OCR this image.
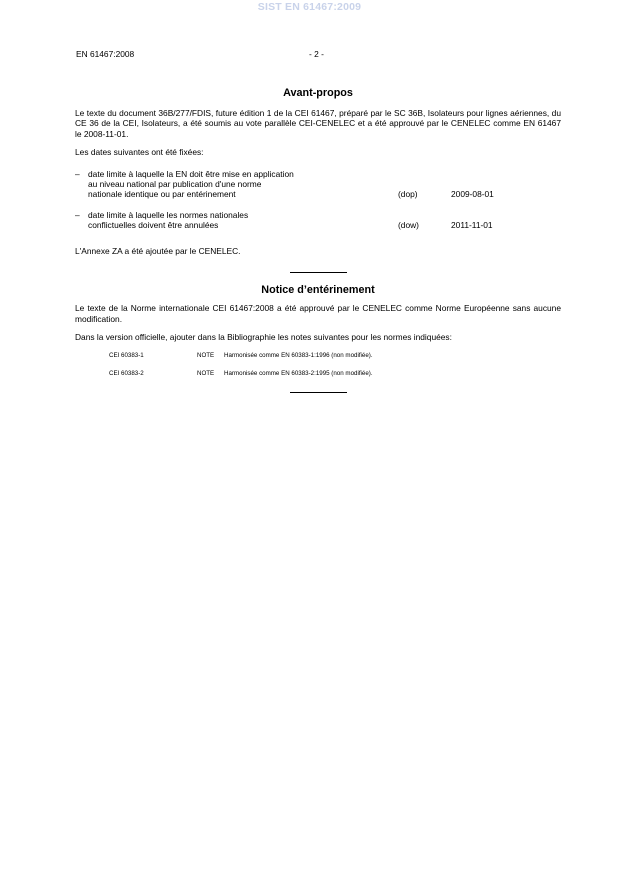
SIST EN 61467:2009
EN 61467:2008	- 2 -
Avant-propos

Le texte du document 36B/277/FDIS, future édition 1 de la CEI 61467, préparé par le SC 36B, Isolateurs pour lignes aériennes, du CE 36 de la CEI, Isolateurs, a été soumis au vote parallèle CEI-CENELEC et a été approuvé par le CENELEC comme EN 61467 le 2008-11-01.

Les dates suivantes ont été fixées:

– date limite à laquelle la EN doit être mise en application
au niveau national par publication d'une norme
nationale identique ou par entérinement	(dop)	2009-08-01
– date limite à laquelle les normes nationales
conflictuelles doivent être annulées	(dow)	2011-11-01

L'Annexe ZA a été ajoutée par le CENELEC.

Notice d’entérinement

Le texte de la Norme internationale CEI 61467:2008 a été approuvé par le CENELEC comme Norme Européenne sans aucune modification.

Dans la version officielle, ajouter dans la Bibliographie les notes suivantes pour les normes indiquées:

CEI 60383-1	NOTE	Harmonisée comme EN 60383-1:1996 (non modifiée).
CEI 60383-2	NOTE	Harmonisée comme EN 60383-2:1995 (non modifiée).
